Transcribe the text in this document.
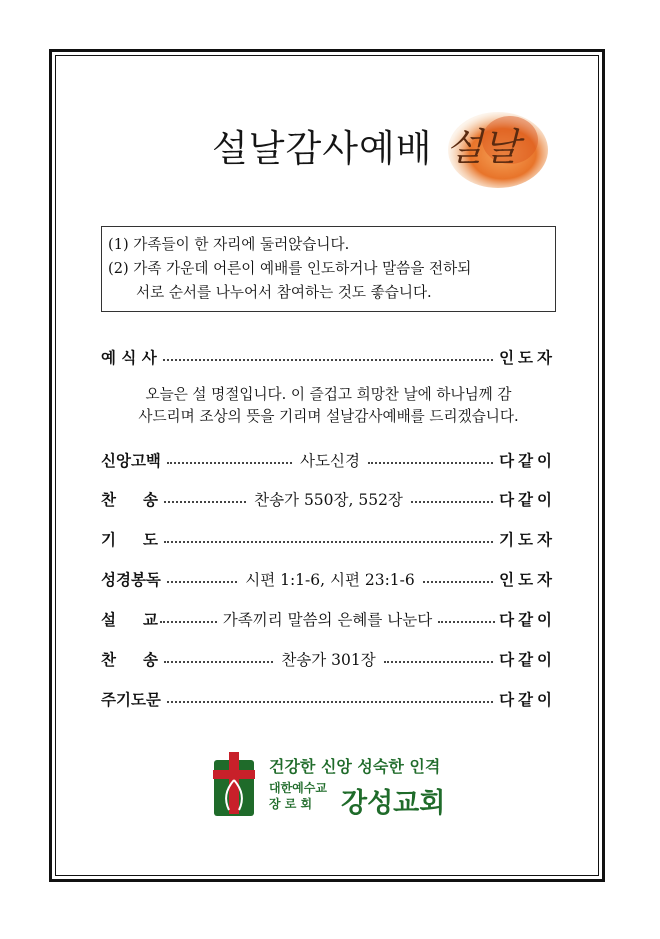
설날감사예배 설날
(1) 가족들이 한 자리에 둘러앉습니다.
(2) 가족 가운데 어른이 예배를 인도하거나 말씀을 전하되
서로 순서를 나누어서 참여하는 것도 좋습니다.
예 식 사	인도자
오늘은 설 명절입니다. 이 즐겁고 희망찬 날에 하나님께 감
사드리며 조상의 뜻을 기리며 설날감사예배를 드리겠습니다.
신앙고백	사도신경	다같이
찬     송	찬송가 550장, 552장	다같이
기     도	기도자
성경봉독	시편 1:1-6, 시편 23:1-6	인도자
설     교	가족끼리 말씀의 은혜를 나눈다	다같이
찬     송	찬송가 301장	다같이
주기도문	다같이
건강한 신앙 성숙한 인격
대한예수교
장 로 회	강성교회
